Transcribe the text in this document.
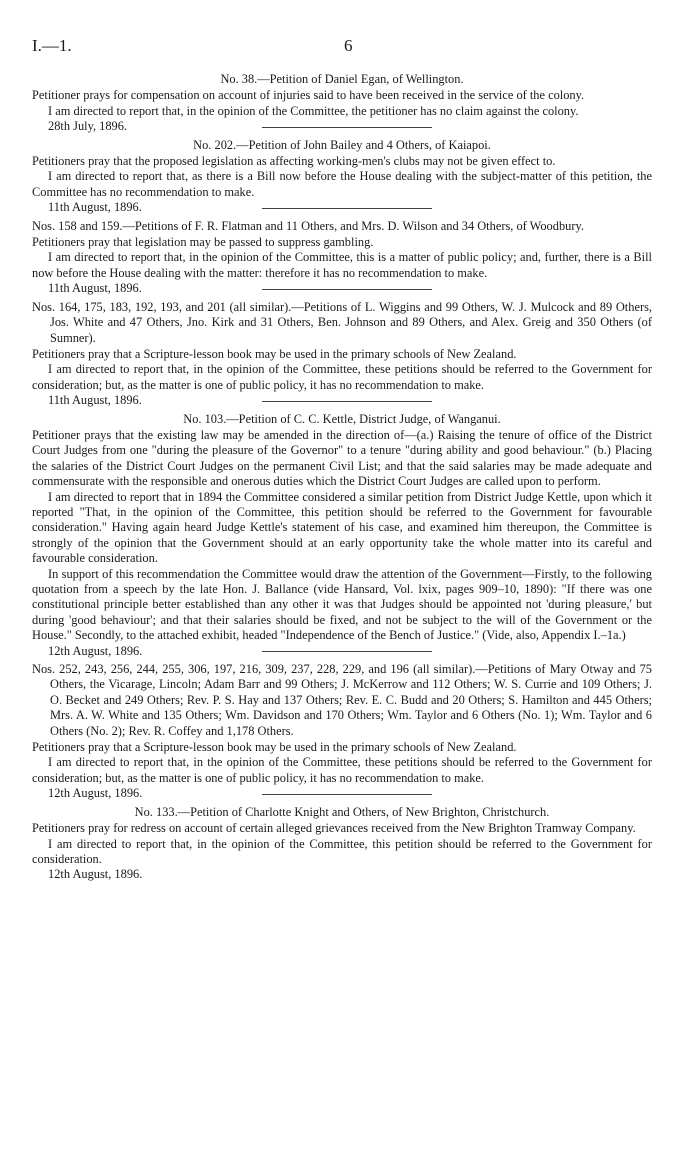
I.—1.	6
No. 38.—Petition of Daniel Egan, of Wellington.

Petitioner prays for compensation on account of injuries said to have been received in the service of the colony.

I am directed to report that, in the opinion of the Committee, the petitioner has no claim against the colony.

28th July, 1896.
No. 202.—Petition of John Bailey and 4 Others, of Kaiapoi.

Petitioners pray that the proposed legislation as affecting working-men's clubs may not be given effect to.

I am directed to report that, as there is a Bill now before the House dealing with the subject-matter of this petition, the Committee has no recommendation to make.

11th August, 1896.
Nos. 158 and 159.—Petitions of F. R. Flatman and 11 Others, and Mrs. D. Wilson and 34 Others, of Woodbury.

Petitioners pray that legislation may be passed to suppress gambling.

I am directed to report that, in the opinion of the Committee, this is a matter of public policy; and, further, there is a Bill now before the House dealing with the matter: therefore it has no recommendation to make.

11th August, 1896.
Nos. 164, 175, 183, 192, 193, and 201 (all similar).—Petitions of L. Wiggins and 99 Others, W. J. Mulcock and 89 Others, Jos. White and 47 Others, Jno. Kirk and 31 Others, Ben. Johnson and 89 Others, and Alex. Greig and 350 Others (of Sumner).

Petitioners pray that a Scripture-lesson book may be used in the primary schools of New Zealand.

I am directed to report that, in the opinion of the Committee, these petitions should be referred to the Government for consideration; but, as the matter is one of public policy, it has no recommendation to make.

11th August, 1896.
No. 103.—Petition of C. C. Kettle, District Judge, of Wanganui.

Petitioner prays that the existing law may be amended in the direction of—(a.) Raising the tenure of office of the District Court Judges from one "during the pleasure of the Governor" to a tenure "during ability and good behaviour." (b.) Placing the salaries of the District Court Judges on the permanent Civil List; and that the said salaries may be made adequate and commensurate with the responsible and onerous duties which the District Court Judges are called upon to perform.

I am directed to report that in 1894 the Committee considered a similar petition from District Judge Kettle, upon which it reported "That, in the opinion of the Committee, this petition should be referred to the Government for favourable consideration." Having again heard Judge Kettle's statement of his case, and examined him thereupon, the Committee is strongly of the opinion that the Government should at an early opportunity take the whole matter into its careful and favourable consideration.

In support of this recommendation the Committee would draw the attention of the Government—Firstly, to the following quotation from a speech by the late Hon. J. Ballance (vide Hansard, Vol. lxix, pages 909–10, 1890): "If there was one constitutional principle better established than any other it was that Judges should be appointed not 'during pleasure,' but during 'good behaviour'; and that their salaries should be fixed, and not be subject to the will of the Government or the House." Secondly, to the attached exhibit, headed "Independence of the Bench of Justice." (Vide, also, Appendix I.–1a.)

12th August, 1896.
Nos. 252, 243, 256, 244, 255, 306, 197, 216, 309, 237, 228, 229, and 196 (all similar).—Petitions of Mary Otway and 75 Others, the Vicarage, Lincoln; Adam Barr and 99 Others; J. McKerrow and 112 Others; W. S. Currie and 109 Others; J. O. Becket and 249 Others; Rev. P. S. Hay and 137 Others; Rev. E. C. Budd and 20 Others; S. Hamilton and 445 Others; Mrs. A. W. White and 135 Others; Wm. Davidson and 170 Others; Wm. Taylor and 6 Others (No. 1); Wm. Taylor and 6 Others (No. 2); Rev. R. Coffey and 1,178 Others.

Petitioners pray that a Scripture-lesson book may be used in the primary schools of New Zealand.

I am directed to report that, in the opinion of the Committee, these petitions should be referred to the Government for consideration; but, as the matter is one of public policy, it has no recommendation to make.

12th August, 1896.
No. 133.—Petition of Charlotte Knight and Others, of New Brighton, Christchurch.

Petitioners pray for redress on account of certain alleged grievances received from the New Brighton Tramway Company.

I am directed to report that, in the opinion of the Committee, this petition should be referred to the Government for consideration.

12th August, 1896.
